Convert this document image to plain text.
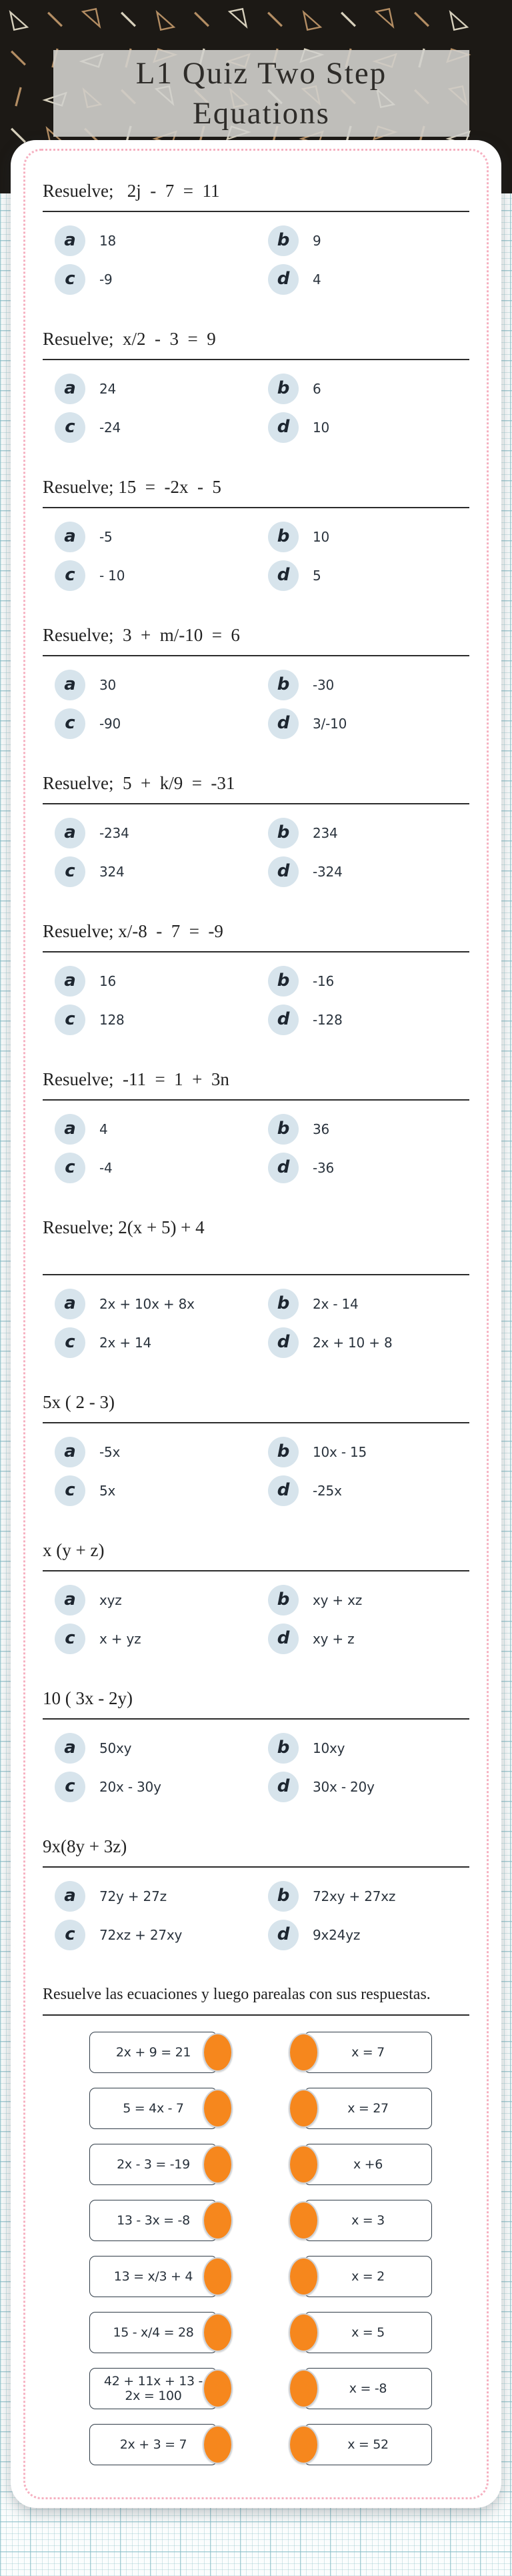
L1 Quiz Two Step
Equations
Resuelve;   2j  -  7  =  11
a 18	b 9
c -9	d 4
Resuelve;  x/2  -  3  =  9
a 24	b 6
c -24	d 10
Resuelve; 15  =  -2x  -  5
a -5	b 10
c - 10	d 5
Resuelve;  3  +  m/-10  =  6
a 30	b -30
c -90	d 3/-10
Resuelve;  5  +  k/9  =  -31
a -234	b 234
c 324	d -324
Resuelve; x/-8  -  7  =  -9
a 16	b -16
c 128	d -128
Resuelve;  -11  =  1  +  3n
a 4	b 36
c -4	d -36
Resuelve; 2(x + 5) + 4
a 2x + 10x + 8x	b 2x - 14
c 2x + 14	d 2x + 10 + 8
5x ( 2 - 3)
a -5x	b 10x - 15
c 5x	d -25x
x (y + z)
a xyz	b xy + xz
c x + yz	d xy + z
10 ( 3x - 2y)
a 50xy	b 10xy
c 20x - 30y	d 30x - 20y
9x(8y + 3z)
a 72y + 27z	b 72xy + 27xz
c 72xz + 27xy	d 9x24yz
Resuelve las ecuaciones y luego parealas con sus respuestas.
2x + 9 = 21	x = 7
5 = 4x - 7	x = 27
2x - 3 = -19	x +6
13 - 3x = -8	x = 3
13 = x/3 + 4	x = 2
15 - x/4 = 28	x = 5
42 + 11x + 13 - 2x = 100	x = -8
2x + 3 = 7	x = 52
